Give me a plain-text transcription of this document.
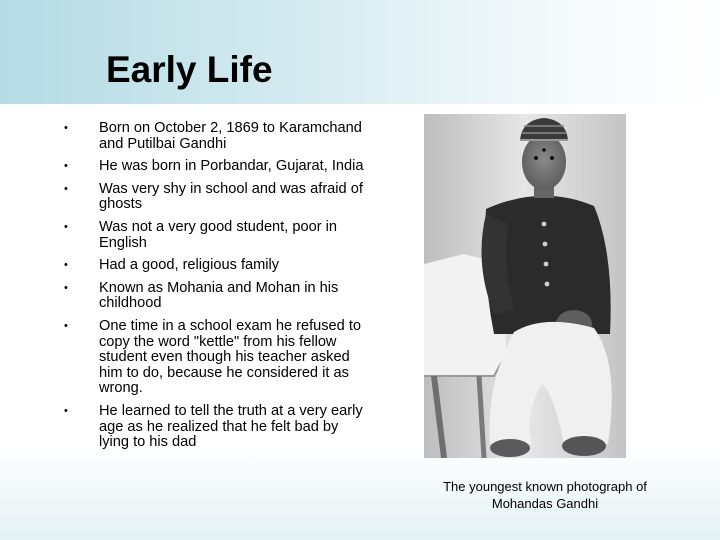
Early Life
• Born on October 2, 1869 to Karamchand and Putilbai Gandhi
• He was born in Porbandar, Gujarat, India
• Was very shy in school and was afraid of ghosts
• Was not a very good student, poor in English
• Had a good, religious family
• Known as Mohania and Mohan in his childhood
• One time in a school exam he refused to copy the word "kettle" from his fellow student even though his teacher asked him to do, because he considered it as wrong.
• He learned to tell the truth at a very early age as he realized that he felt bad by lying to his dad
The youngest known photograph of Mohandas Gandhi
